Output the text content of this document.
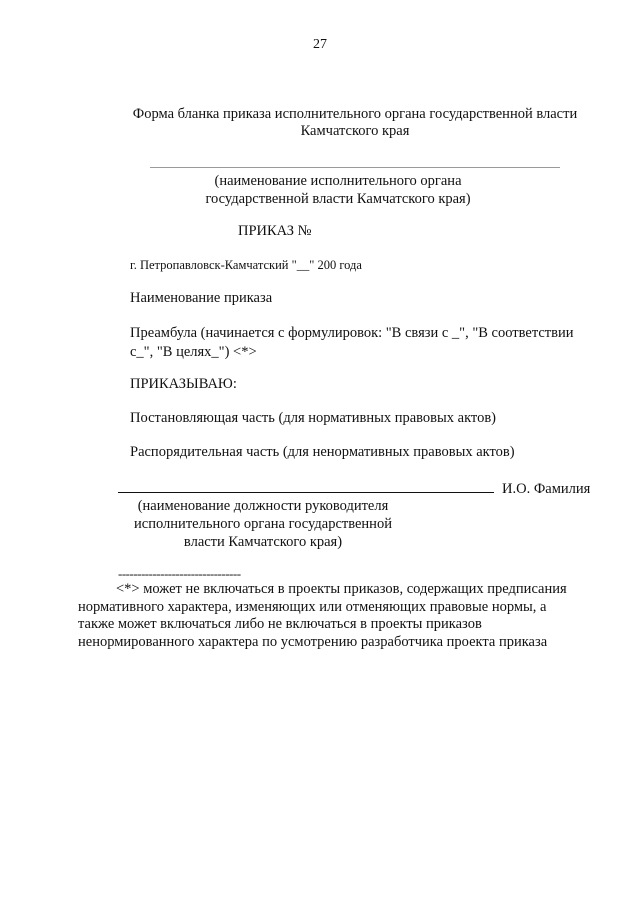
27
Форма бланка приказа исполнительного органа государственной власти
Камчатского края
(наименование исполнительного органа
государственной власти Камчатского края)
ПРИКАЗ №
г. Петропавловск-Камчатский "__" 200 года
Наименование приказа
Преамбула (начинается с формулировок: "В связи с _", "В соответствии
с_", "В целях_") <*>
ПРИКАЗЫВАЮ:
Постановляющая часть (для нормативных правовых актов)
Распорядительная часть (для ненормативных правовых актов)
И.О. Фамилия
(наименование должности руководителя
исполнительного органа государственной
власти Камчатского края)
--------------------------------
<*> может не включаться в проекты приказов, содержащих предписания
нормативного характера, изменяющих или отменяющих правовые нормы, а
также может включаться либо не включаться в проекты приказов
ненормированного характера по усмотрению разработчика проекта приказа
